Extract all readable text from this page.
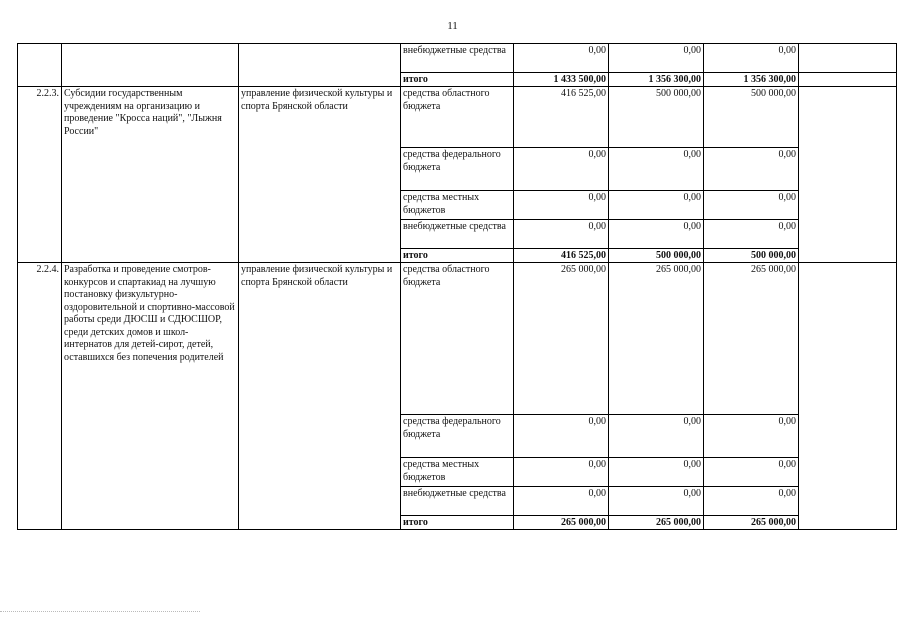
11
			внебюджетные средства	0,00	0,00	0,00	
			итого	1 433 500,00	1 356 300,00	1 356 300,00	
2.2.3.	Субсидии государственным учреждениям на организацию и проведение "Кросса наций", "Лыжня России"	управление физической культуры и спорта Брянской области	средства областного бюджета	416 525,00	500 000,00	500 000,00	
			средства федерального бюджета	0,00	0,00	0,00	
			средства местных бюджетов	0,00	0,00	0,00	
			внебюджетные средства	0,00	0,00	0,00	
			итого	416 525,00	500 000,00	500 000,00	
2.2.4.	Разработка и проведение смотров-конкурсов и спартакиад на лучшую постановку физкультурно-оздоровительной и спортивно-массовой работы среди ДЮСШ и СДЮСШОР, среди детских домов и школ-интернатов для детей-сирот, детей, оставшихся без попечения родителей	управление физической культуры и спорта Брянской области	средства областного бюджета	265 000,00	265 000,00	265 000,00	
			средства федерального бюджета	0,00	0,00	0,00	
			средства местных бюджетов	0,00	0,00	0,00	
			внебюджетные средства	0,00	0,00	0,00	
			итого	265 000,00	265 000,00	265 000,00	
